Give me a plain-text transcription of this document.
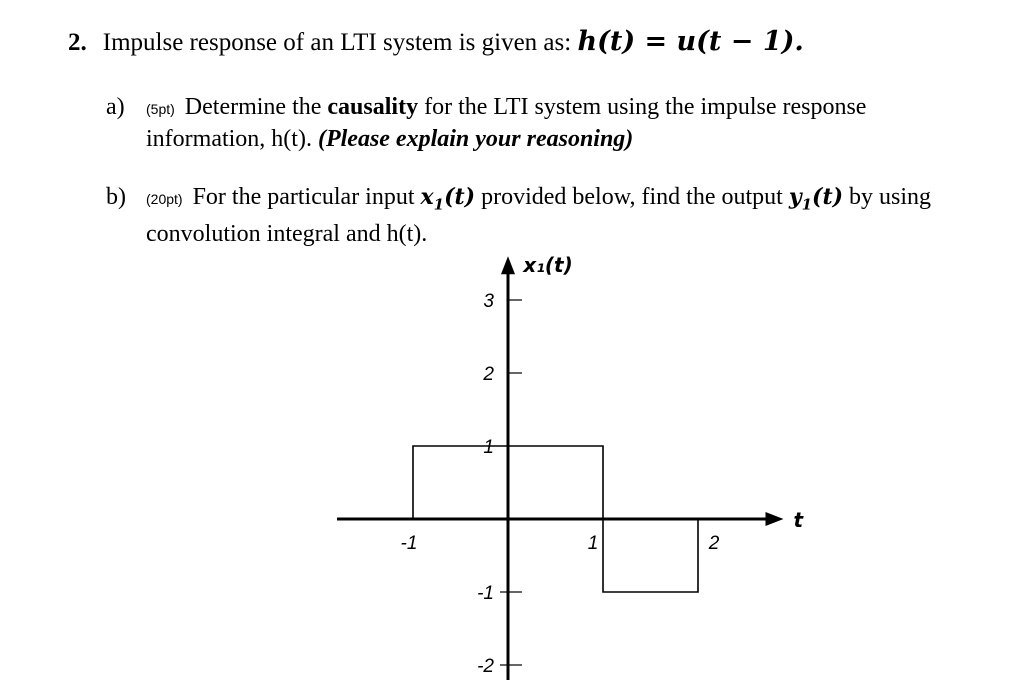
2. Impulse response of an LTI system is given as: h(t) = u(t − 1).
a) (5pt) Determine the causality for the LTI system using the impulse response
information, h(t). (Please explain your reasoning)
b) (20pt) For the particular input $x_1(t)$ provided below, find the output $y_1(t)$ by using
convolution integral and h(t).
3
2
1
-1
-2
-1	1	2
t
x₁(t)
